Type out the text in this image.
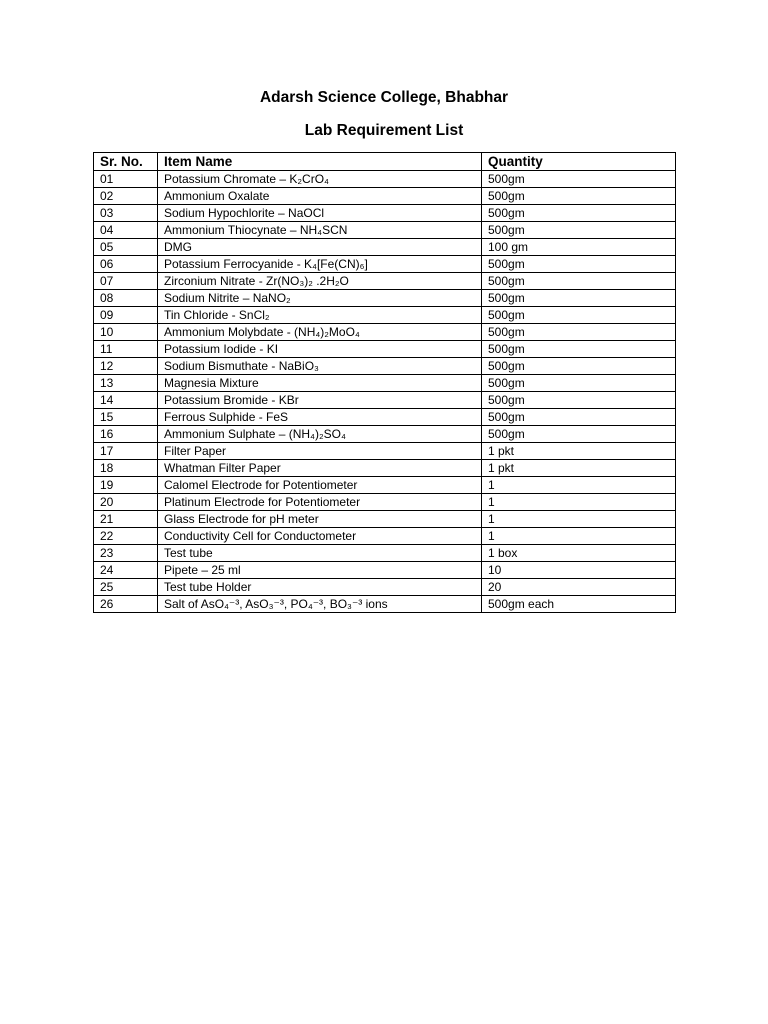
Adarsh Science College, Bhabhar
Lab Requirement List
Sr. No.	Item Name	Quantity
01	Potassium Chromate – K₂CrO₄	500gm
02	Ammonium Oxalate	500gm
03	Sodium Hypochlorite – NaOCl	500gm
04	Ammonium Thiocynate – NH₄SCN	500gm
05	DMG	100 gm
06	Potassium Ferrocyanide - K₄[Fe(CN)₆]	500gm
07	Zirconium Nitrate - Zr(NO₃)₂ .2H₂O	500gm
08	Sodium Nitrite – NaNO₂	500gm
09	Tin Chloride - SnCl₂	500gm
10	Ammonium Molybdate - (NH₄)₂MoO₄	500gm
11	Potassium Iodide - KI	500gm
12	Sodium Bismuthate - NaBiO₃	500gm
13	Magnesia Mixture	500gm
14	Potassium Bromide - KBr	500gm
15	Ferrous Sulphide - FeS	500gm
16	Ammonium Sulphate – (NH₄)₂SO₄	500gm
17	Filter Paper	1 pkt
18	Whatman Filter Paper	1 pkt
19	Calomel Electrode for Potentiometer	1
20	Platinum Electrode for Potentiometer	1
21	Glass Electrode for pH meter	1
22	Conductivity Cell for Conductometer	1
23	Test tube	1 box
24	Pipete – 25 ml	10
25	Test tube Holder	20
26	Salt of AsO₄⁻³, AsO₃⁻³, PO₄⁻³, BO₃⁻³ ions	500gm each
